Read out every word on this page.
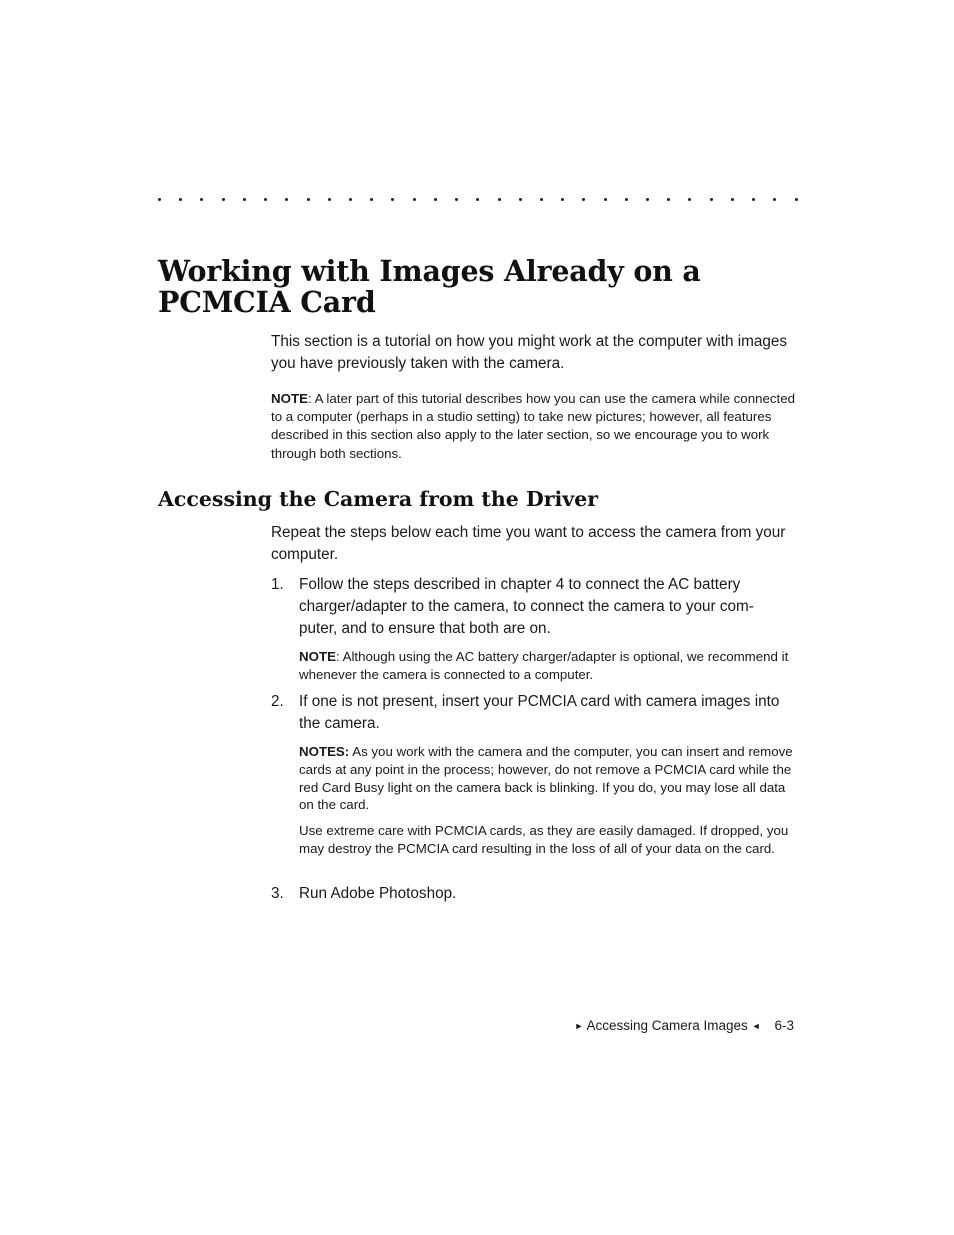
Working with Images Already on a
PCMCIA Card

This section is a tutorial on how you might work at the computer with images you have previously taken with the camera.

NOTE: A later part of this tutorial describes how you can use the camera while connected to a computer (perhaps in a studio setting) to take new pictures; however, all features described in this section also apply to the later section, so we encourage you to work through both sections.

Accessing the Camera from the Driver

Repeat the steps below each time you want to access the camera from your computer.

1. Follow the steps described in chapter 4 to connect the AC battery
charger/adapter to the camera, to connect the camera to your com-
puter, and to ensure that both are on.

NOTE: Although using the AC battery charger/adapter is optional, we recommend it whenever the camera is connected to a computer.

2. If one is not present, insert your PCMCIA card with camera images into the camera.

NOTES: As you work with the camera and the computer, you can insert and remove cards at any point in the process; however, do not remove a PCMCIA card while the red Card Busy light on the camera back is blinking. If you do, you may lose all data on the card.

Use extreme care with PCMCIA cards, as they are easily damaged. If dropped, you may destroy the PCMCIA card resulting in the loss of all of your data on the card.

3. Run Adobe Photoshop.

► Accessing Camera Images ◄ 6-3
